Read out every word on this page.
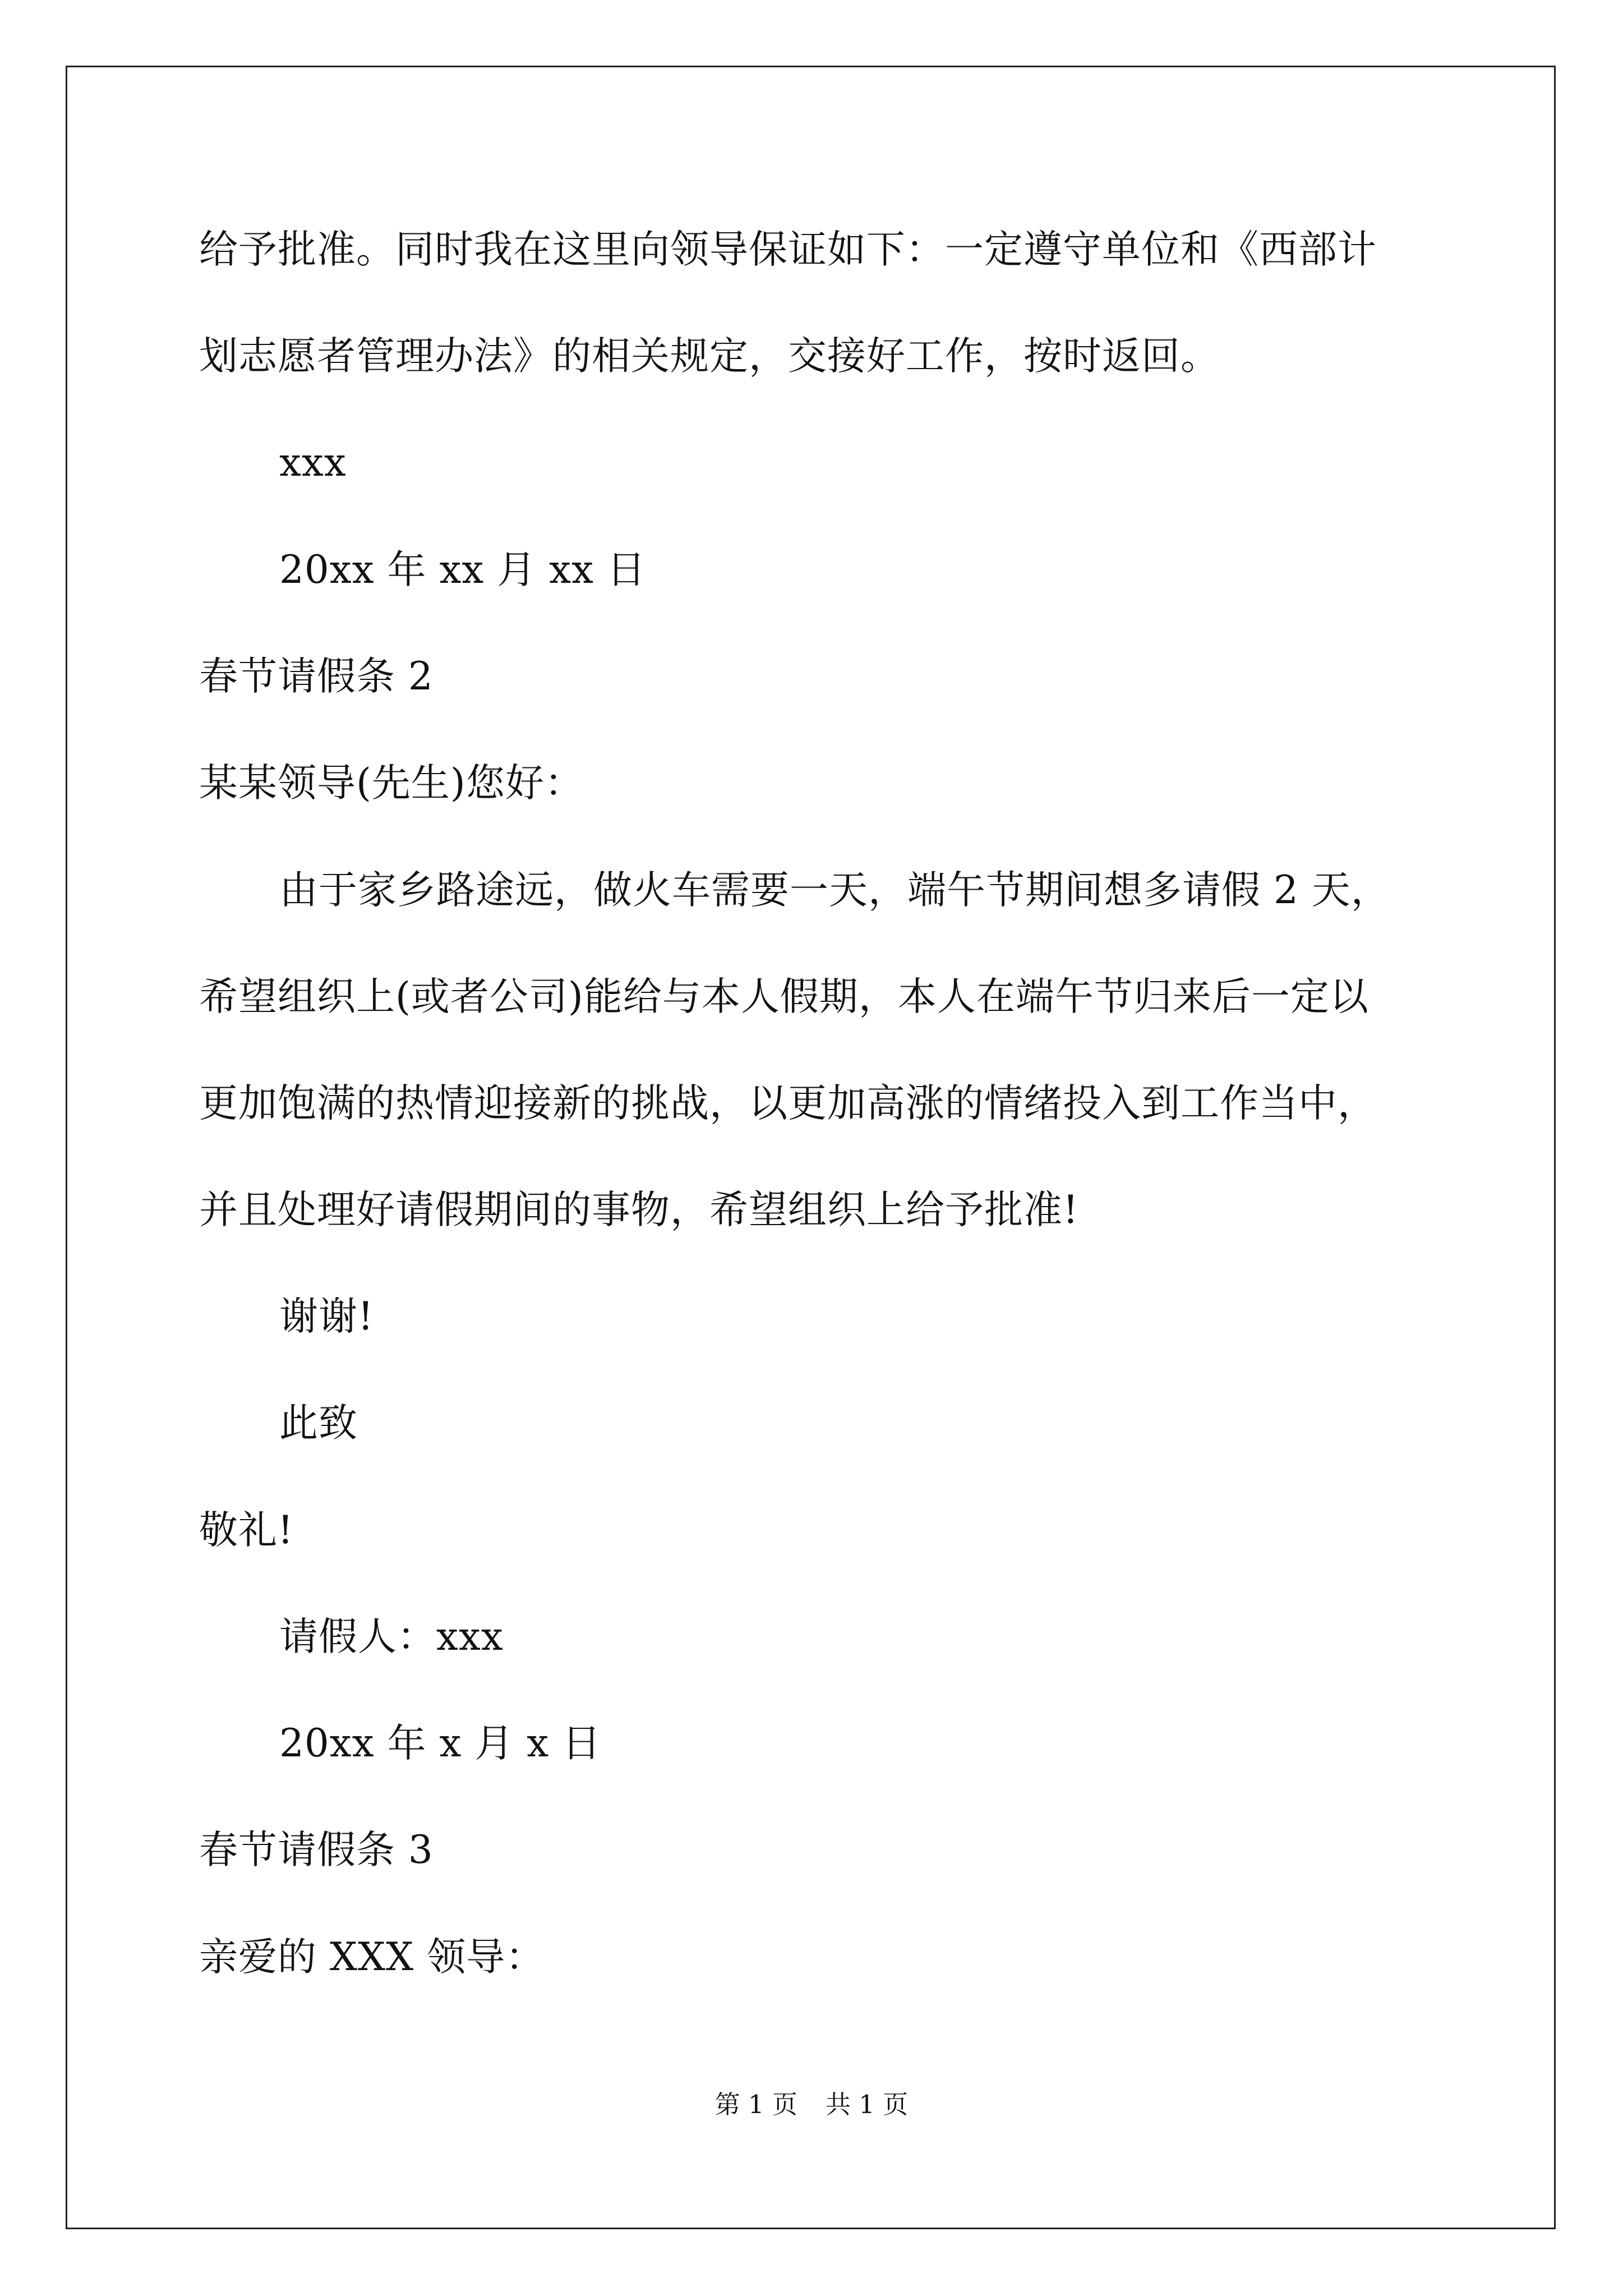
给予批准。同时我在这里向领导保证如下：一定遵守单位和《西部计
划志愿者管理办法》的相关规定，交接好工作，按时返回。
xxx
20xx 年 xx 月 xx 日
春节请假条 2
某某领导(先生)您好：
由于家乡路途远，做火车需要一天，端午节期间想多请假 2 天，
希望组织上(或者公司)能给与本人假期，本人在端午节归来后一定以
更加饱满的热情迎接新的挑战，以更加高涨的情绪投入到工作当中，
并且处理好请假期间的事物，希望组织上给予批准!
谢谢!
此致
敬礼!
请假人：xxx
20xx 年 x 月 x 日
春节请假条 3
亲爱的 XXX 领导：
第 1 页 共 1 页
